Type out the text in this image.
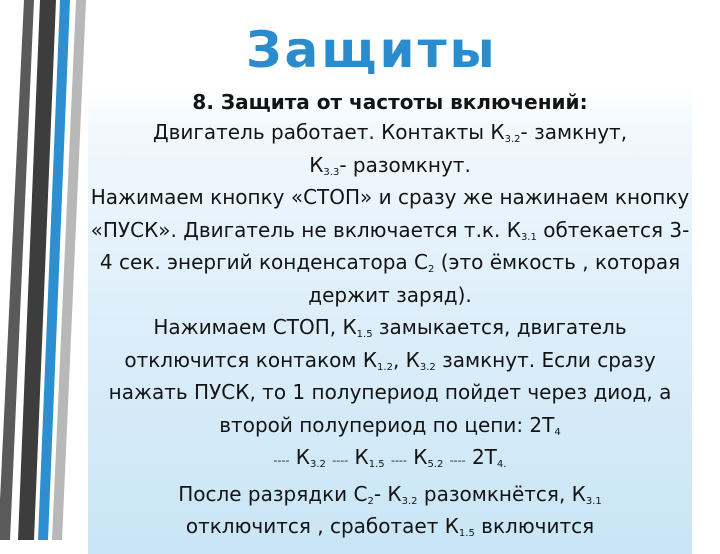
Защиты

8. Защита от частоты включений:

Двигатель работает. Контакты $К_{3.2}-$ замкнут,
$К_{3.3}-$ разомкнут.

Нажимаем кнопку «СТОП» и сразу же нажинаем кнопку «ПУСК». Двигатель не включается т.к. $К_{3.1}$ обтекается 3-4 сек. энергий конденсатора $С_2$ (это ёмкость , которая держит заряд).

Нажимаем СТОП, $К_{1.5}$ замыкается, двигатель отключится контаком $К_{1.2}$, $К_{3.2}$ замкнут. Если сразу нажать ПУСК, то 1 полупериод пойдет через диод, а второй полупериод по цепи: $2Т_4$
---- $К_{3.2}$ ---- $К_{1.5}$ ---- $К_{5.2}$ ---- $2Т_{4.}$

После разрядки $С_2-$ $К_{3.2}$ разомкнётся, $К_{3.1}$
отключится , сработает $К_{1.5}$ включится
